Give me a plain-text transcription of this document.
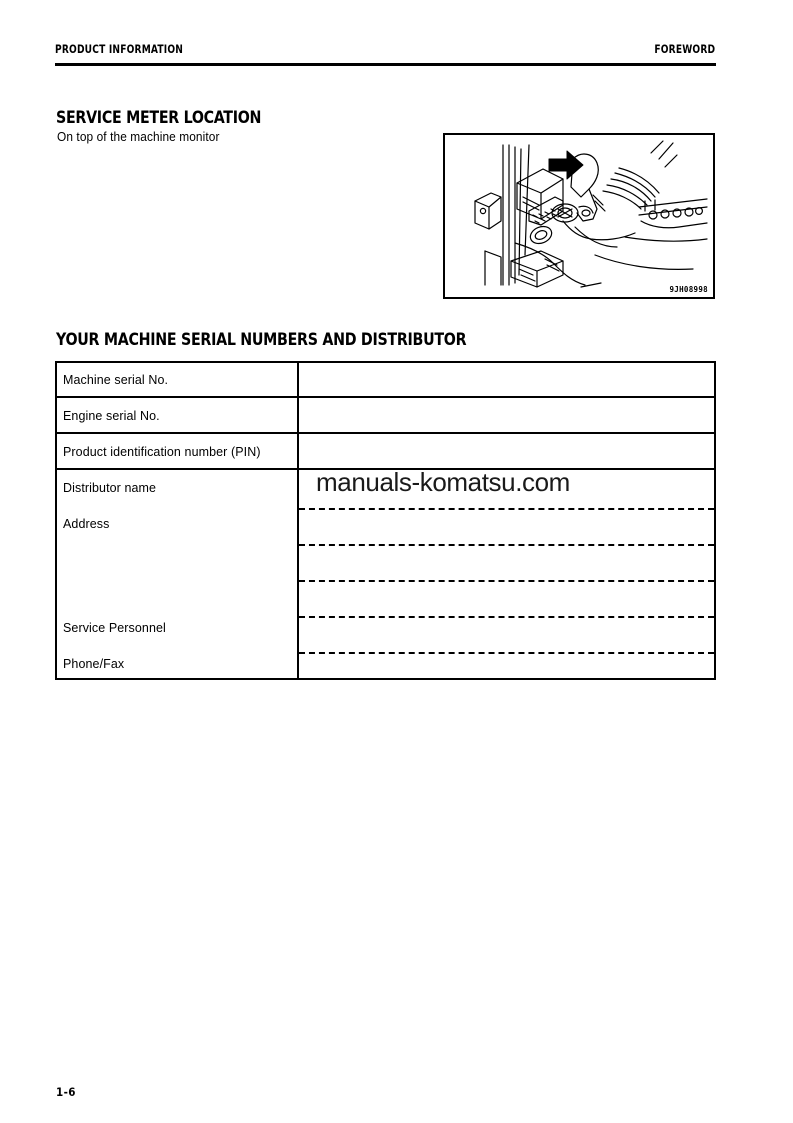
PRODUCT INFORMATION	FOREWORD
SERVICE METER LOCATION
On top of the machine monitor
9JH08998
YOUR MACHINE SERIAL NUMBERS AND DISTRIBUTOR
Machine serial No.
Engine serial No.
Product identification number (PIN)
Distributor name
Address
Service Personnel
Phone/Fax
manuals-komatsu.com
1-6
